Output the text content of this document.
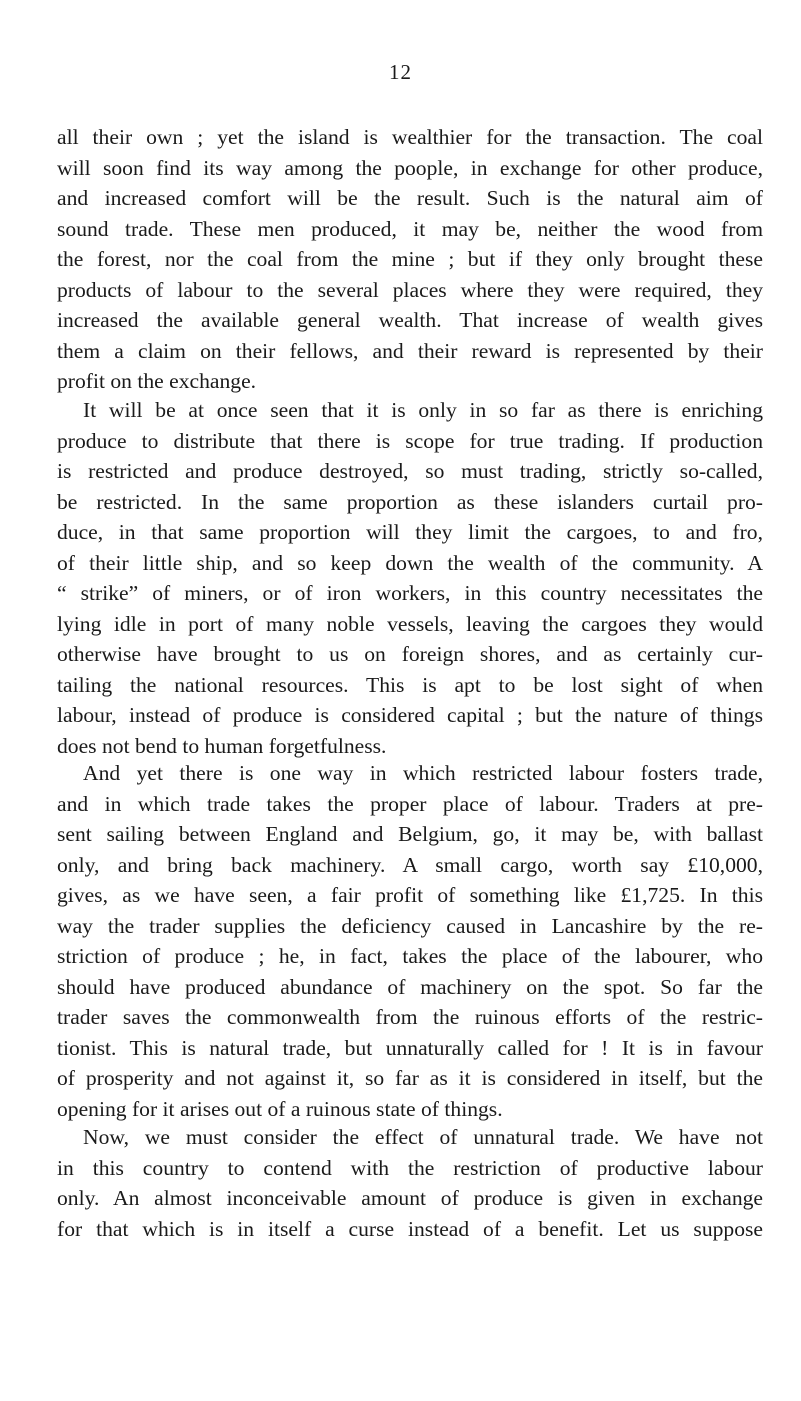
12
all their own ; yet the island is wealthier for the transaction. The coal
will soon find its way among the poople, in exchange for other produce,
and increased comfort will be the result. Such is the natural aim of
sound trade. These men produced, it may be, neither the wood from
the forest, nor the coal from the mine ; but if they only brought these
products of labour to the several places where they were required, they
increased the available general wealth. That increase of wealth gives
them a claim on their fellows, and their reward is represented by their
profit on the exchange.
It will be at once seen that it is only in so far as there is enriching
produce to distribute that there is scope for true trading. If production
is restricted and produce destroyed, so must trading, strictly so-called,
be restricted. In the same proportion as these islanders curtail pro-
duce, in that same proportion will they limit the cargoes, to and fro,
of their little ship, and so keep down the wealth of the community. A
“ strike” of miners, or of iron workers, in this country necessitates the
lying idle in port of many noble vessels, leaving the cargoes they would
otherwise have brought to us on foreign shores, and as certainly cur-
tailing the national resources. This is apt to be lost sight of when
labour, instead of produce is considered capital ; but the nature of things
does not bend to human forgetfulness.
And yet there is one way in which restricted labour fosters trade,
and in which trade takes the proper place of labour. Traders at pre-
sent sailing between England and Belgium, go, it may be, with ballast
only, and bring back machinery. A small cargo, worth say £10,000,
gives, as we have seen, a fair profit of something like £1,725. In this
way the trader supplies the deficiency caused in Lancashire by the re-
striction of produce ; he, in fact, takes the place of the labourer, who
should have produced abundance of machinery on the spot. So far the
trader saves the commonwealth from the ruinous efforts of the restric-
tionist. This is natural trade, but unnaturally called for ! It is in favour
of prosperity and not against it, so far as it is considered in itself, but the
opening for it arises out of a ruinous state of things.
Now, we must consider the effect of unnatural trade. We have not
in this country to contend with the restriction of productive labour
only. An almost inconceivable amount of produce is given in exchange
for that which is in itself a curse instead of a benefit. Let us suppose
